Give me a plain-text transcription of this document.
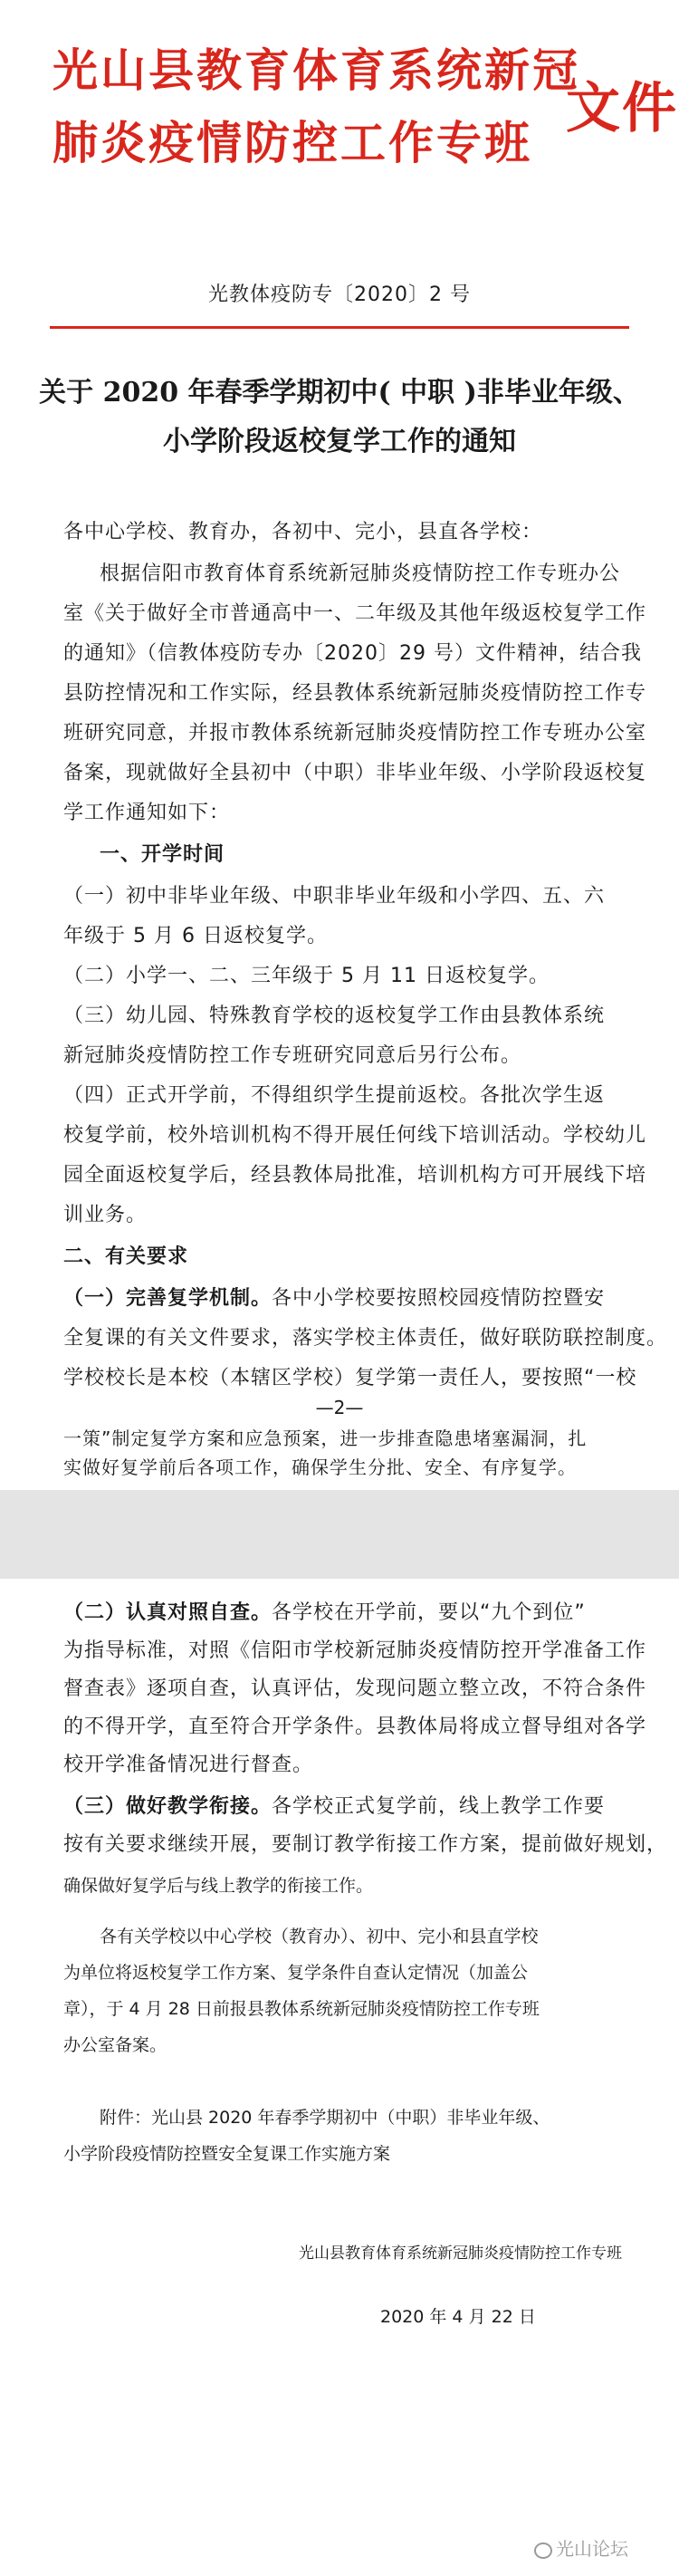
光山县教育体育系统新冠
肺炎疫情防控工作专班
文件
光教体疫防专〔2020〕2 号
关于 2020 年春季学期初中( 中职 )非毕业年级、
小学阶段返校复学工作的通知
各中心学校、教育办，各初中、完小，县直各学校：
根据信阳市教育体育系统新冠肺炎疫情防控工作专班办公
室《关于做好全市普通高中一、二年级及其他年级返校复学工作
的通知》（信教体疫防专办〔2020〕29 号）文件精神，结合我
县防控情况和工作实际，经县教体系统新冠肺炎疫情防控工作专
班研究同意，并报市教体系统新冠肺炎疫情防控工作专班办公室
备案，现就做好全县初中（中职）非毕业年级、小学阶段返校复
学工作通知如下：
一、开学时间
（一）初中非毕业年级、中职非毕业年级和小学四、五、六
年级于 5 月 6 日返校复学。
（二）小学一、二、三年级于 5 月 11 日返校复学。
（三）幼儿园、特殊教育学校的返校复学工作由县教体系统
新冠肺炎疫情防控工作专班研究同意后另行公布。
（四）正式开学前，不得组织学生提前返校。各批次学生返
校复学前，校外培训机构不得开展任何线下培训活动。学校幼儿
园全面返校复学后，经县教体局批准，培训机构方可开展线下培
训业务。
二、有关要求
（一）完善复学机制。各中小学校要按照校园疫情防控暨安
全复课的有关文件要求，落实学校主体责任，做好联防联控制度。
学校校长是本校（本辖区学校）复学第一责任人，要按照“一校
—2—
一策”制定复学方案和应急预案，进一步排查隐患堵塞漏洞，扎
实做好复学前后各项工作，确保学生分批、安全、有序复学。
（二）认真对照自查。各学校在开学前，要以“九个到位”
为指导标准，对照《信阳市学校新冠肺炎疫情防控开学准备工作
督查表》逐项自查，认真评估，发现问题立整立改，不符合条件
的不得开学，直至符合开学条件。县教体局将成立督导组对各学
校开学准备情况进行督查。
（三）做好教学衔接。各学校正式复学前，线上教学工作要
按有关要求继续开展，要制订教学衔接工作方案，提前做好规划，
确保做好复学后与线上教学的衔接工作。
各有关学校以中心学校（教育办）、初中、完小和县直学校
为单位将返校复学工作方案、复学条件自查认定情况（加盖公
章），于 4 月 28 日前报县教体系统新冠肺炎疫情防控工作专班
办公室备案。
附件：光山县 2020 年春季学期初中（中职）非毕业年级、
小学阶段疫情防控暨安全复课工作实施方案
光山县教育体育系统新冠肺炎疫情防控工作专班
2020 年 4 月 22 日
光山论坛
